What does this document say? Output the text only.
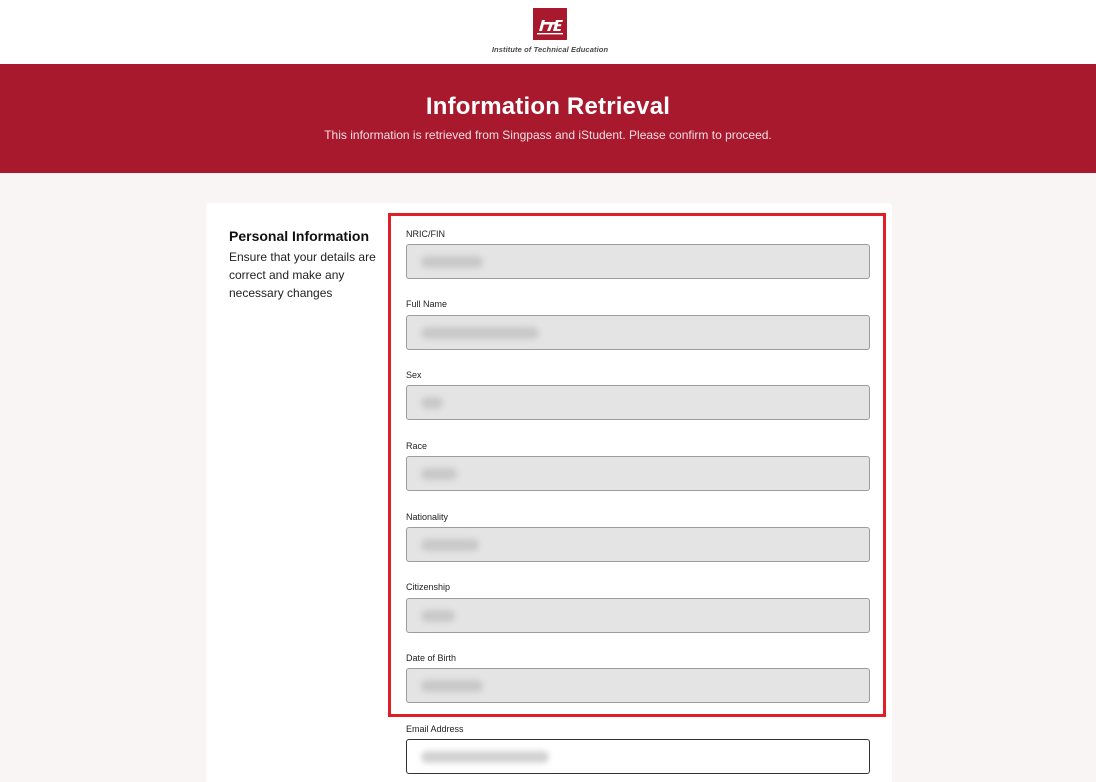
Institute of Technical Education
Information Retrieval
This information is retrieved from Singpass and iStudent. Please confirm to proceed.
Personal Information
Ensure that your details are correct and make any necessary changes
NRIC/FIN
Full Name
Sex
Race
Nationality
Citizenship
Date of Birth
Email Address
